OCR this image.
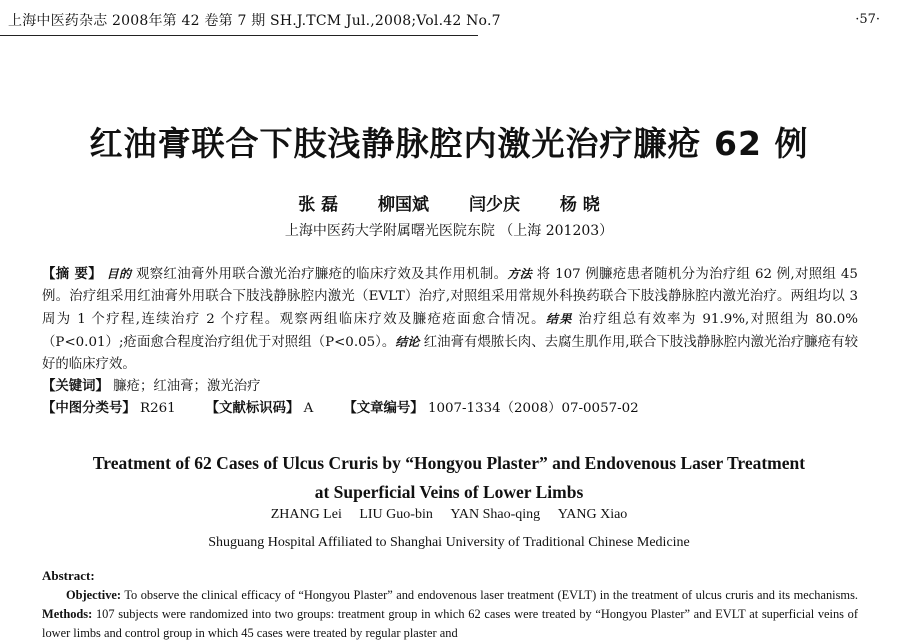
上海中医药杂志 2008年第 42 卷第 7 期 SH.J.TCM Jul.,2008;Vol.42 No.7	·57·
红油膏联合下肢浅静脉腔内激光治疗臁疮 62 例
张 磊 柳国斌 闫少庆 杨 晓
上海中医药大学附属曙光医院东院 （上海 201203）

【摘 要】 目的 观察红油膏外用联合激光治疗臁疮的临床疗效及其作用机制。方法 将 107 例臁疮患者随机分为治疗组 62 例,对照组 45 例。治疗组采用红油膏外用联合下肢浅静脉腔内激光（EVLT）治疗,对照组采用常规外科换药联合下肢浅静脉腔内激光治疗。两组均以 3 周为 1 个疗程,连续治疗 2 个疗程。观察两组临床疗效及臁疮疮面愈合情况。结果 治疗组总有效率为 91.9%,对照组为 80.0%（P<0.01）;疮面愈合程度治疗组优于对照组（P<0.05）。结论 红油膏有煨脓长肉、去腐生肌作用,联合下肢浅静脉腔内激光治疗臁疮有较好的临床疗效。

【关键词】 臁疮；红油膏；激光治疗

【中图分类号】 R261 【文献标识码】 A 【文章编号】 1007-1334（2008）07-0057-02

Treatment of 62 Cases of Ulcus Cruris by “Hongyou Plaster” and Endovenous Laser Treatment
at Superficial Veins of Lower Limbs
ZHANG Lei LIU Guo-bin YAN Shao-qing YANG Xiao
Shuguang Hospital Affiliated to Shanghai University of Traditional Chinese Medicine
Abstract:
Objective: To observe the clinical efficacy of “Hongyou Plaster” and endovenous laser treatment (EVLT) in the treatment of ulcus cruris and its mechanisms. Methods: 107 subjects were randomized into two groups: treatment group in which 62 cases were treated by “Hongyou Plaster” and EVLT at superficial veins of lower limbs and control group in which 45 cases were treated by regular plaster and
